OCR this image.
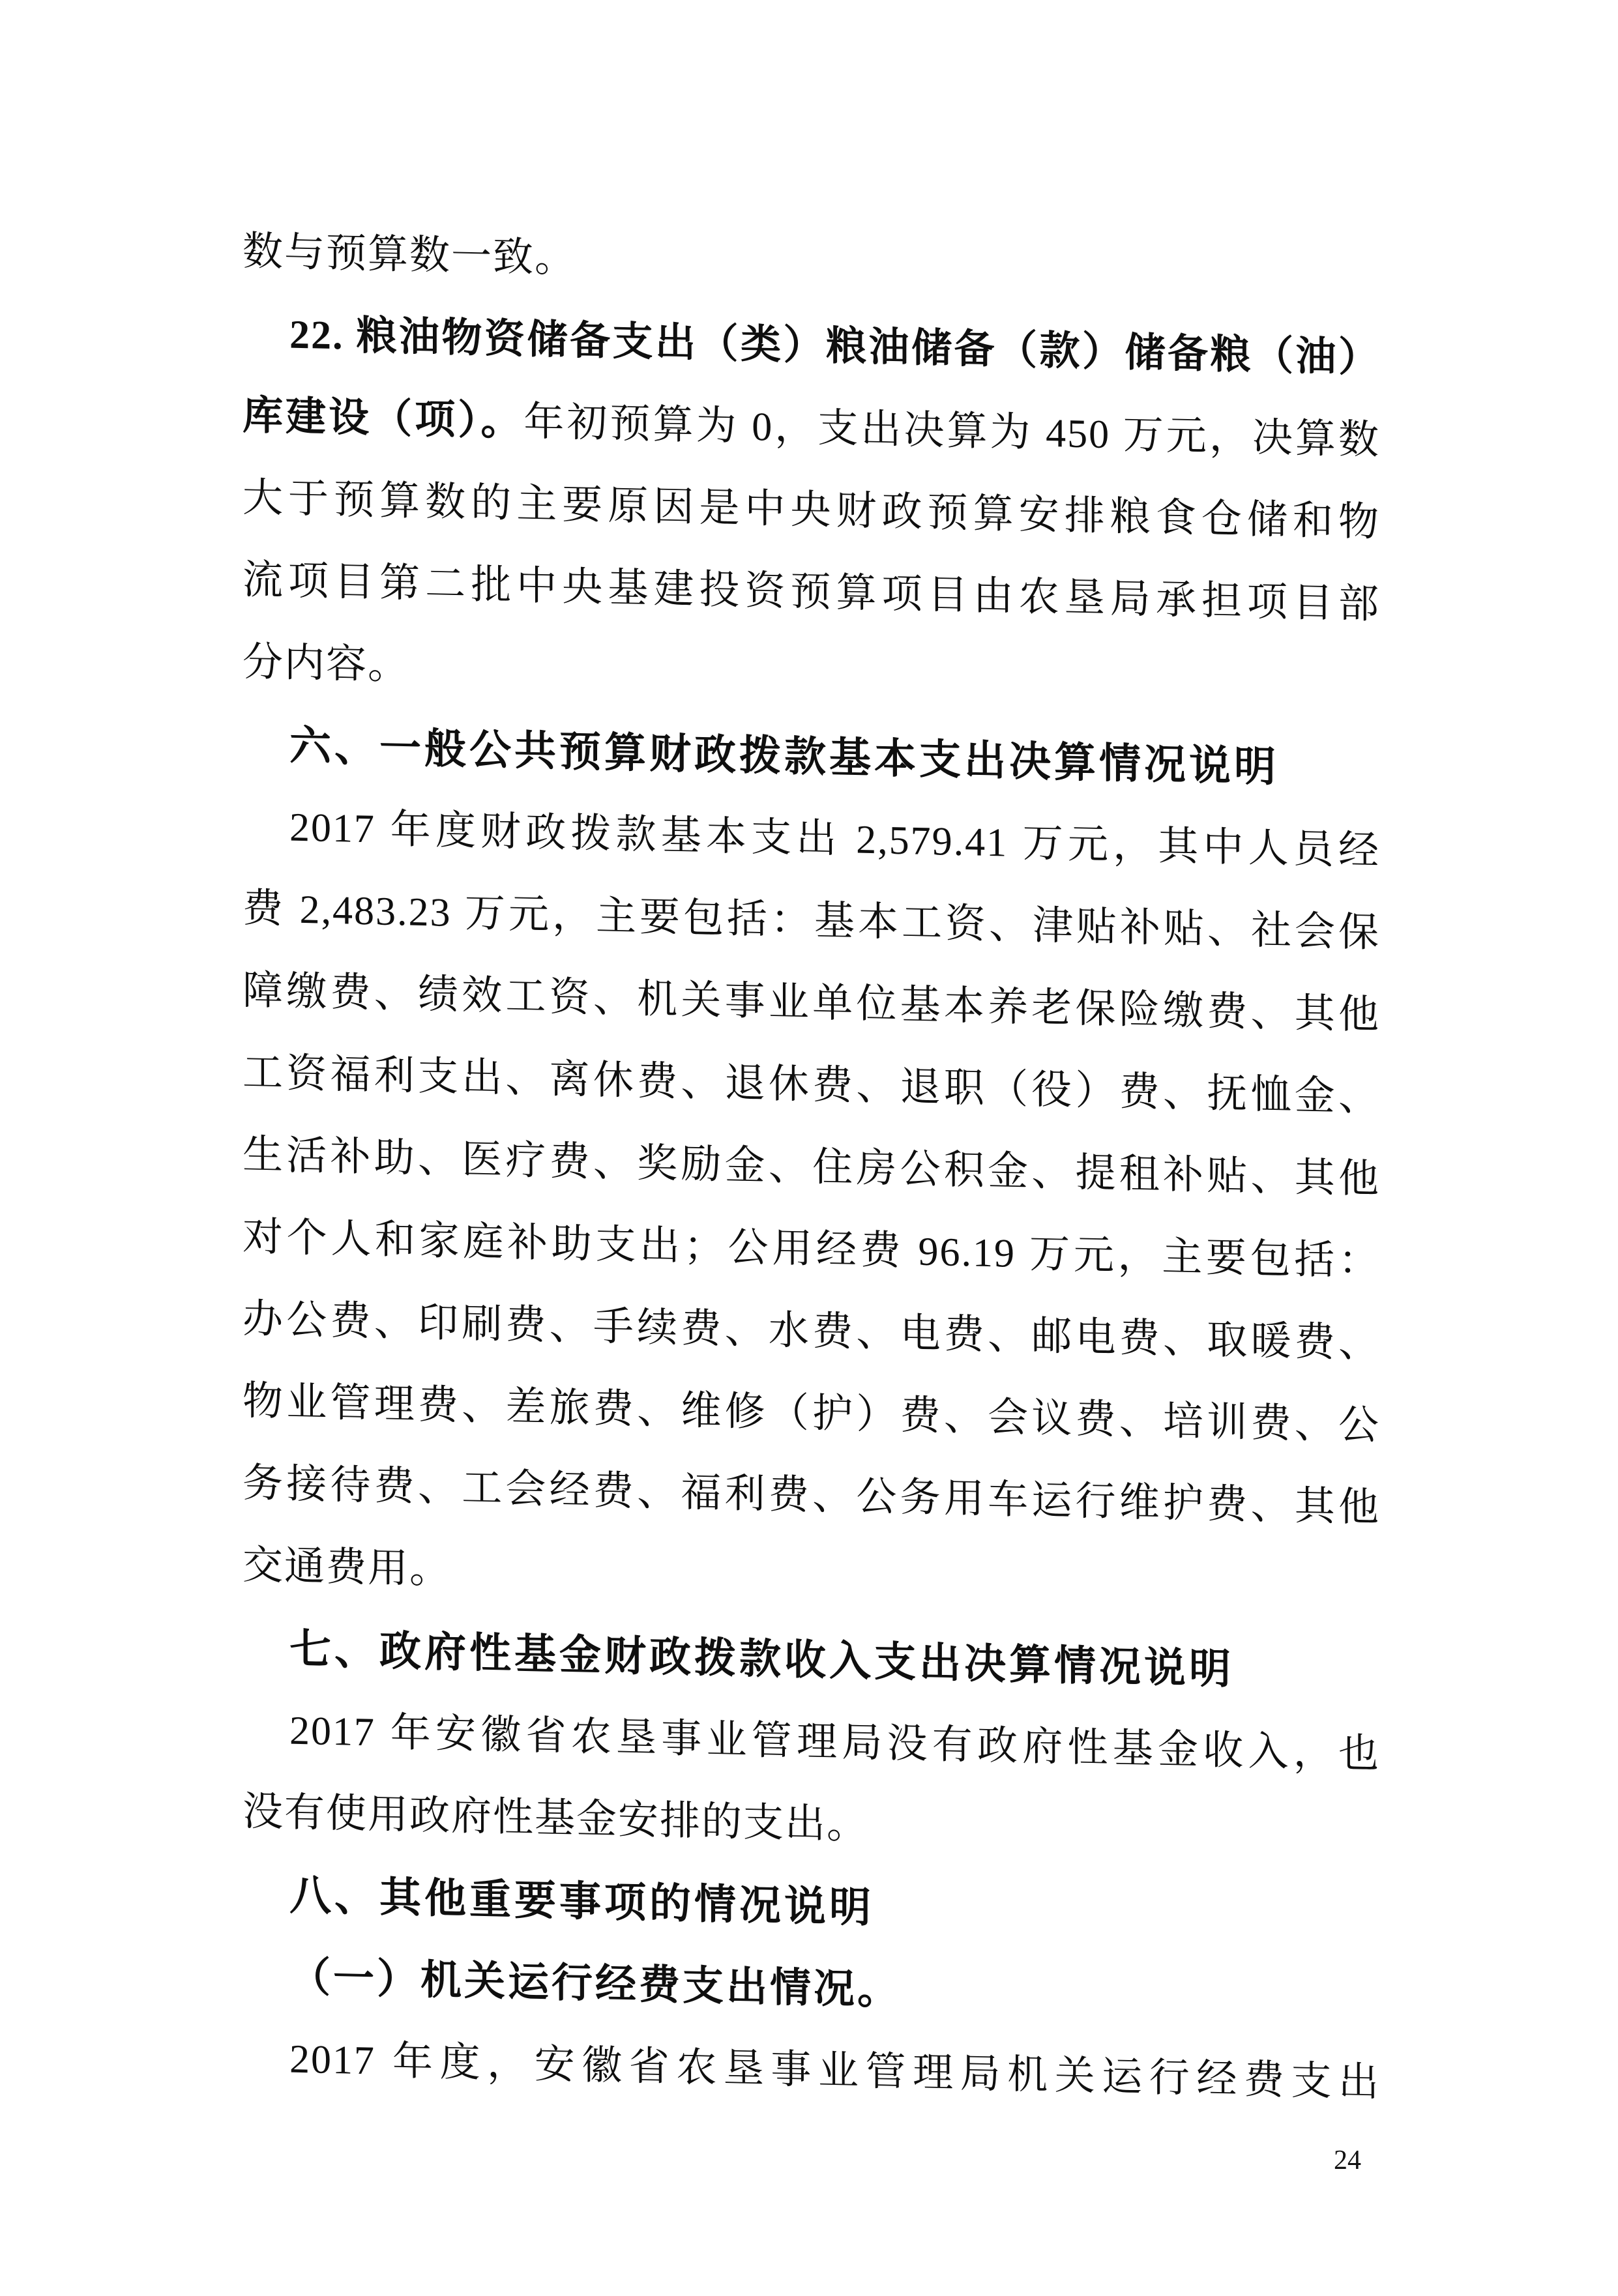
数与预算数一致。
22. 粮油物资储备支出（类）粮油储备（款）储备粮（油）
库建设（项）。年初预算为 0，支出决算为 450 万元，决算数
大于预算数的主要原因是中央财政预算安排粮食仓储和物
流项目第二批中央基建投资预算项目由农垦局承担项目部
分内容。
六、一般公共预算财政拨款基本支出决算情况说明
2017 年度财政拨款基本支出 2,579.41 万元，其中人员经
费 2,483.23 万元，主要包括：基本工资、津贴补贴、社会保
障缴费、绩效工资、机关事业单位基本养老保险缴费、其他
工资福利支出、离休费、退休费、退职（役）费、抚恤金、
生活补助、医疗费、奖励金、住房公积金、提租补贴、其他
对个人和家庭补助支出；公用经费 96.19 万元，主要包括：
办公费、印刷费、手续费、水费、电费、邮电费、取暖费、
物业管理费、差旅费、维修（护）费、会议费、培训费、公
务接待费、工会经费、福利费、公务用车运行维护费、其他
交通费用。
七、政府性基金财政拨款收入支出决算情况说明
2017 年安徽省农垦事业管理局没有政府性基金收入，也
没有使用政府性基金安排的支出。
八、其他重要事项的情况说明
（一）机关运行经费支出情况。
2017 年度，安徽省农垦事业管理局机关运行经费支出
24
